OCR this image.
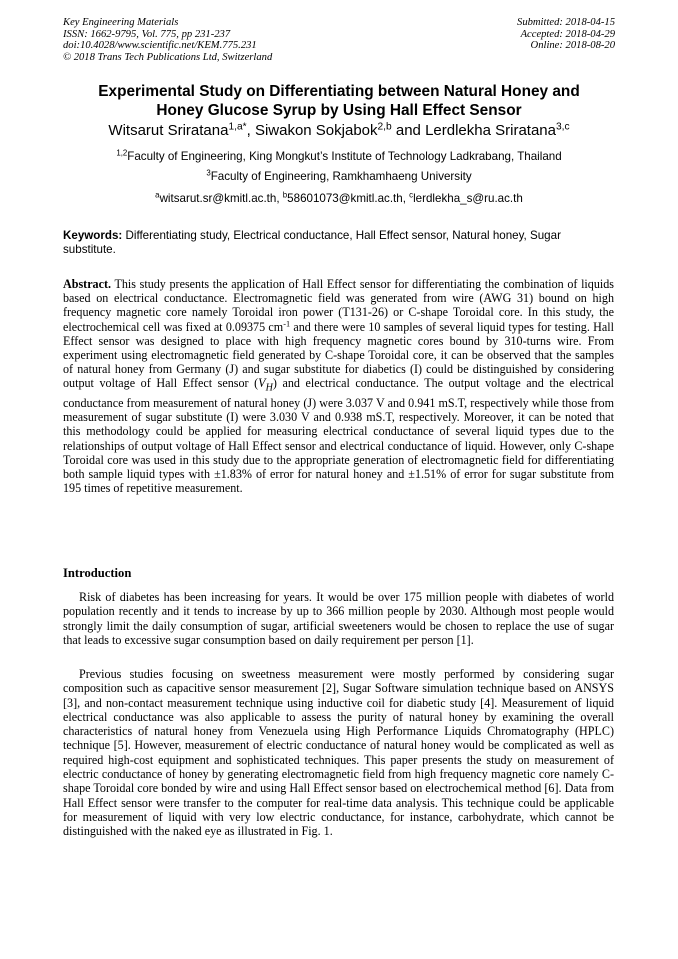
Key Engineering Materials
ISSN: 1662-9795, Vol. 775, pp 231-237
doi:10.4028/www.scientific.net/KEM.775.231
© 2018 Trans Tech Publications Ltd, Switzerland
Submitted: 2018-04-15
Accepted: 2018-04-29
Online: 2018-08-20
Experimental Study on Differentiating between Natural Honey and
Honey Glucose Syrup by Using Hall Effect Sensor
Witsarut Sriratana$^{1,a*}$, Siwakon Sokjabok$^{2,b}$ and Lerdlekha Sriratana$^{3,c}$
$^{1,2}$Faculty of Engineering, King Mongkut’s Institute of Technology Ladkrabang, Thailand
$^3$Faculty of Engineering, Ramkhamhaeng University
$^a$witsarut.sr@kmitl.ac.th, $^b$58601073@kmitl.ac.th, $^c$lerdlekha_s@ru.ac.th
Keywords: Differentiating study, Electrical conductance, Hall Effect sensor, Natural honey, Sugar substitute.

Abstract. This study presents the application of Hall Effect sensor for differentiating the combination of liquids based on electrical conductance. Electromagnetic field was generated from wire (AWG 31) bound on high frequency magnetic core namely Toroidal iron power (T131-26) or C-shape Toroidal core. In this study, the electrochemical cell was fixed at 0.09375 $cm^{-1}$ and there were 10 samples of several liquid types for testing. Hall Effect sensor was designed to place with high frequency magnetic cores bound by 310-turns wire. From experiment using electromagnetic field generated by C-shape Toroidal core, it can be observed that the samples of natural honey from Germany (J) and sugar substitute for diabetics (I) could be distinguished by considering output voltage of Hall Effect sensor $(V_H)$ and electrical conductance. The output voltage and the electrical conductance from measurement of natural honey (J) were 3.037 V and 0.941 mS.T, respectively while those from measurement of sugar substitute (I) were 3.030 V and 0.938 mS.T, respectively. Moreover, it can be noted that this methodology could be applied for measuring electrical conductance of several liquid types due to the relationships of output voltage of Hall Effect sensor and electrical conductance of liquid. However, only C-shape Toroidal core was used in this study due to the appropriate generation of electromagnetic field for differentiating both sample liquid types with ±1.83% of error for natural honey and ±1.51% of error for sugar substitute from 195 times of repetitive measurement.

Introduction

Risk of diabetes has been increasing for years. It would be over 175 million people with diabetes of world population recently and it tends to increase by up to 366 million people by 2030. Although most people would strongly limit the daily consumption of sugar, artificial sweeteners would be chosen to replace the use of sugar that leads to excessive sugar consumption based on daily requirement per person [1].

Previous studies focusing on sweetness measurement were mostly performed by considering sugar composition such as capacitive sensor measurement [2], Sugar Software simulation technique based on ANSYS [3], and non-contact measurement technique using inductive coil for diabetic study [4]. Measurement of liquid electrical conductance was also applicable to assess the purity of natural honey by examining the overall characteristics of natural honey from Venezuela using High Performance Liquids Chromatography (HPLC) technique [5]. However, measurement of electric conductance of natural honey would be complicated as well as required high-cost equipment and sophisticated techniques. This paper presents the study on measurement of electric conductance of honey by generating electromagnetic field from high frequency magnetic core namely C-shape Toroidal core bonded by wire and using Hall Effect sensor based on electrochemical method [6]. Data from Hall Effect sensor were transfer to the computer for real-time data analysis. This technique could be applicable for measurement of liquid with very low electric conductance, for instance, carbohydrate, which cannot be distinguished with the naked eye as illustrated in Fig. 1.
